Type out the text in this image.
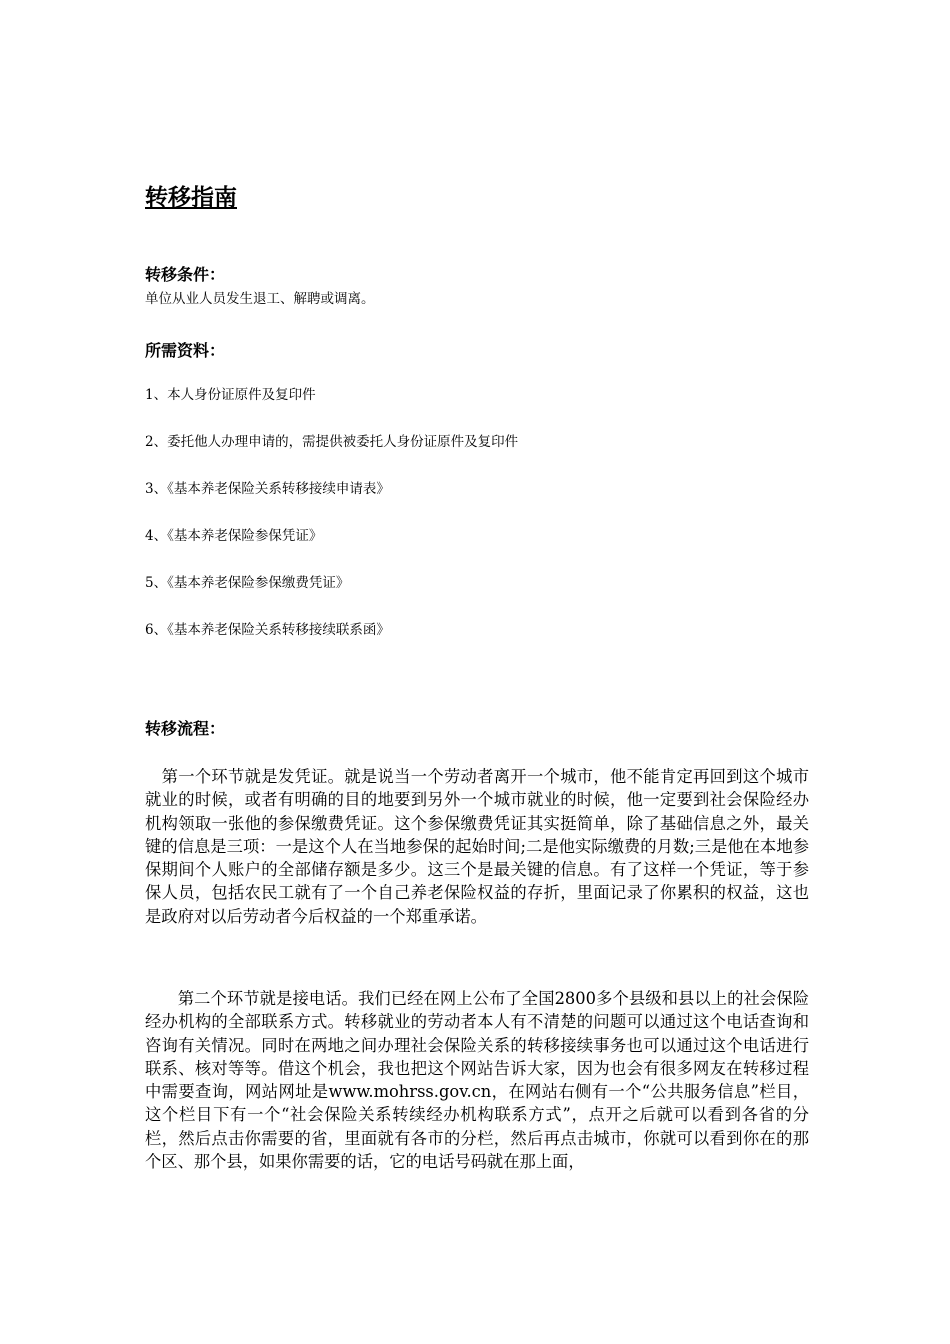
转移指南
转移条件：

单位从业人员发生退工、解聘或调离。

所需资料：
1、本人身份证原件及复印件
2、委托他人办理申请的，需提供被委托人身份证原件及复印件
3、《基本养老保险关系转移接续申请表》
4、《基本养老保险参保凭证》
5、《基本养老保险参保缴费凭证》
6、《基本养老保险关系转移接续联系函》
转移流程：

　第一个环节就是发凭证。就是说当一个劳动者离开一个城市，他不能肯定再回到这个城市就业的时候，或者有明确的目的地要到另外一个城市就业的时候，他一定要到社会保险经办机构领取一张他的参保缴费凭证。这个参保缴费凭证其实挺简单，除了基础信息之外，最关键的信息是三项：一是这个人在当地参保的起始时间;二是他实际缴费的月数;三是他在本地参保期间个人账户的全部储存额是多少。这三个是最关键的信息。有了这样一个凭证，等于参保人员，包括农民工就有了一个自己养老保险权益的存折，里面记录了你累积的权益，这也是政府对以后劳动者今后权益的一个郑重承诺。

　　第二个环节就是接电话。我们已经在网上公布了全国2800多个县级和县以上的社会保险经办机构的全部联系方式。转移就业的劳动者本人有不清楚的问题可以通过这个电话查询和咨询有关情况。同时在两地之间办理社会保险关系的转移接续事务也可以通过这个电话进行联系、核对等等。借这个机会，我也把这个网站告诉大家，因为也会有很多网友在转移过程中需要查询，网站网址是www.mohrss.gov.cn，在网站右侧有一个“公共服务信息”栏目，这个栏目下有一个“社会保险关系转续经办机构联系方式”，点开之后就可以看到各省的分栏，然后点击你需要的省，里面就有各市的分栏，然后再点击城市，你就可以看到你在的那个区、那个县，如果你需要的话，它的电话号码就在那上面，
